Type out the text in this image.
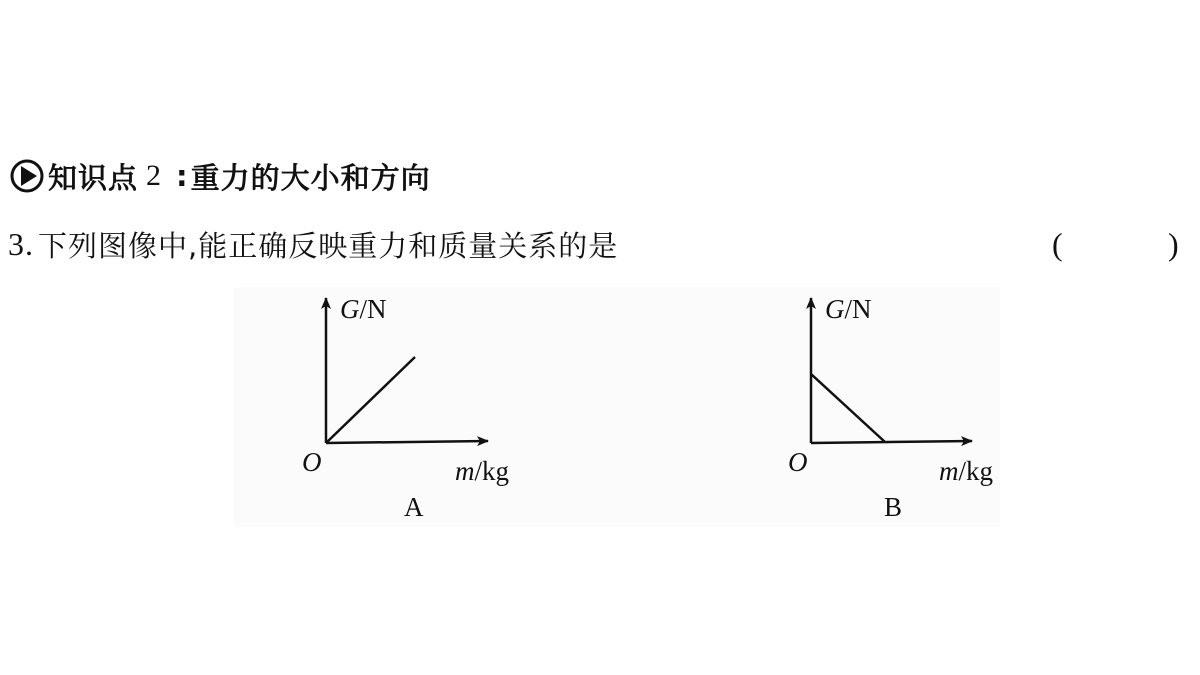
知识点 2 : 重力的大小和方向
3. 下列图像中,能正确反映重力和质量关系的是	(	)
G/N
O	m/kg
A
G/N
O	m/kg
B
